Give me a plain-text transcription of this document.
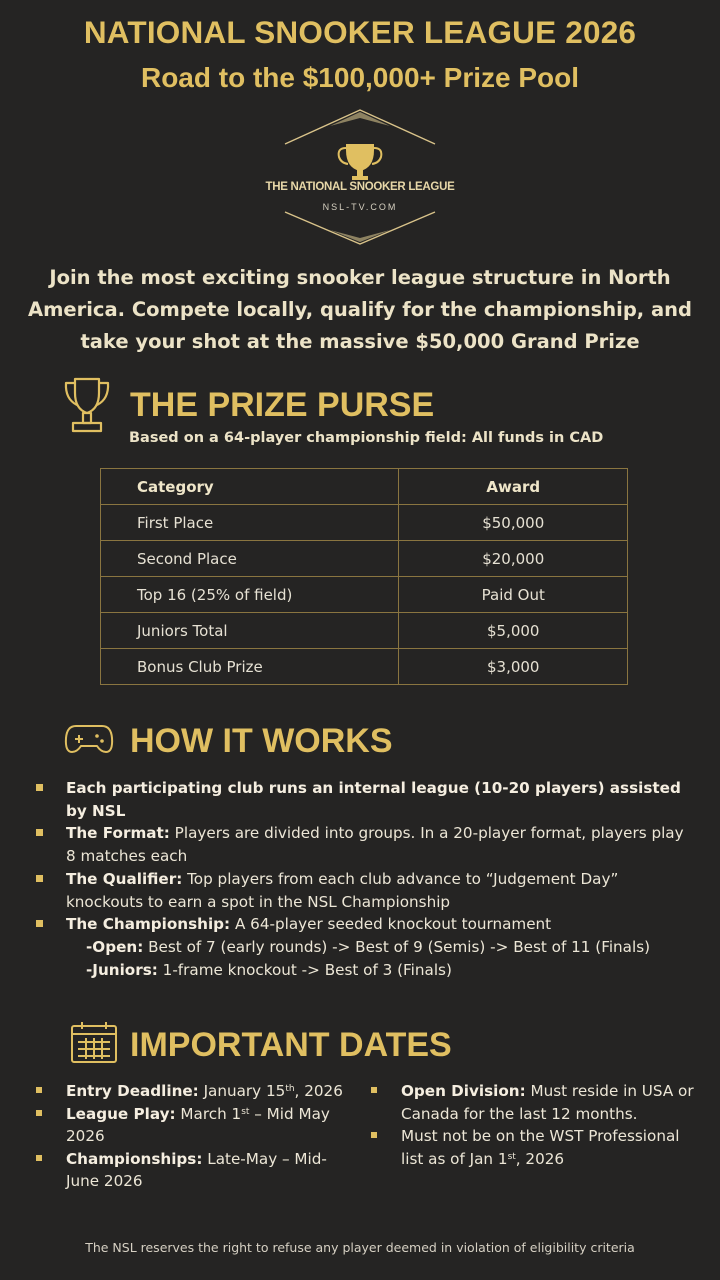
NATIONAL SNOOKER LEAGUE 2026
Road to the $100,000+ Prize Pool
THE NATIONAL SNOOKER LEAGUE
NSL-TV.COM
Join the most exciting snooker league structure in North
America. Compete locally, qualify for the championship, and
take your shot at the massive $50,000 Grand Prize
THE PRIZE PURSE
Based on a 64-player championship field: All funds in CAD
Category	Award
First Place	$50,000
Second Place	$20,000
Top 16 (25% of field)	Paid Out
Juniors Total	$5,000
Bonus Club Prize	$3,000
HOW IT WORKS
Each participating club runs an internal league (10-20 players) assisted by NSL
The Format: Players are divided into groups. In a 20-player format, players play 8 matches each
The Qualifier: Top players from each club advance to “Judgement Day” knockouts to earn a spot in the NSL Championship
The Championship: A 64-player seeded knockout tournament
-Open: Best of 7 (early rounds) -> Best of 9 (Semis) -> Best of 11 (Finals)
-Juniors: 1-frame knockout -> Best of 3 (Finals)
IMPORTANT DATES
Entry Deadline: January 15th, 2026
League Play: March 1st – Mid May 2026
Championships: Late-May – Mid-June 2026
Open Division: Must reside in USA or Canada for the last 12 months.
Must not be on the WST Professional list as of Jan 1st, 2026
The NSL reserves the right to refuse any player deemed in violation of eligibility criteria
